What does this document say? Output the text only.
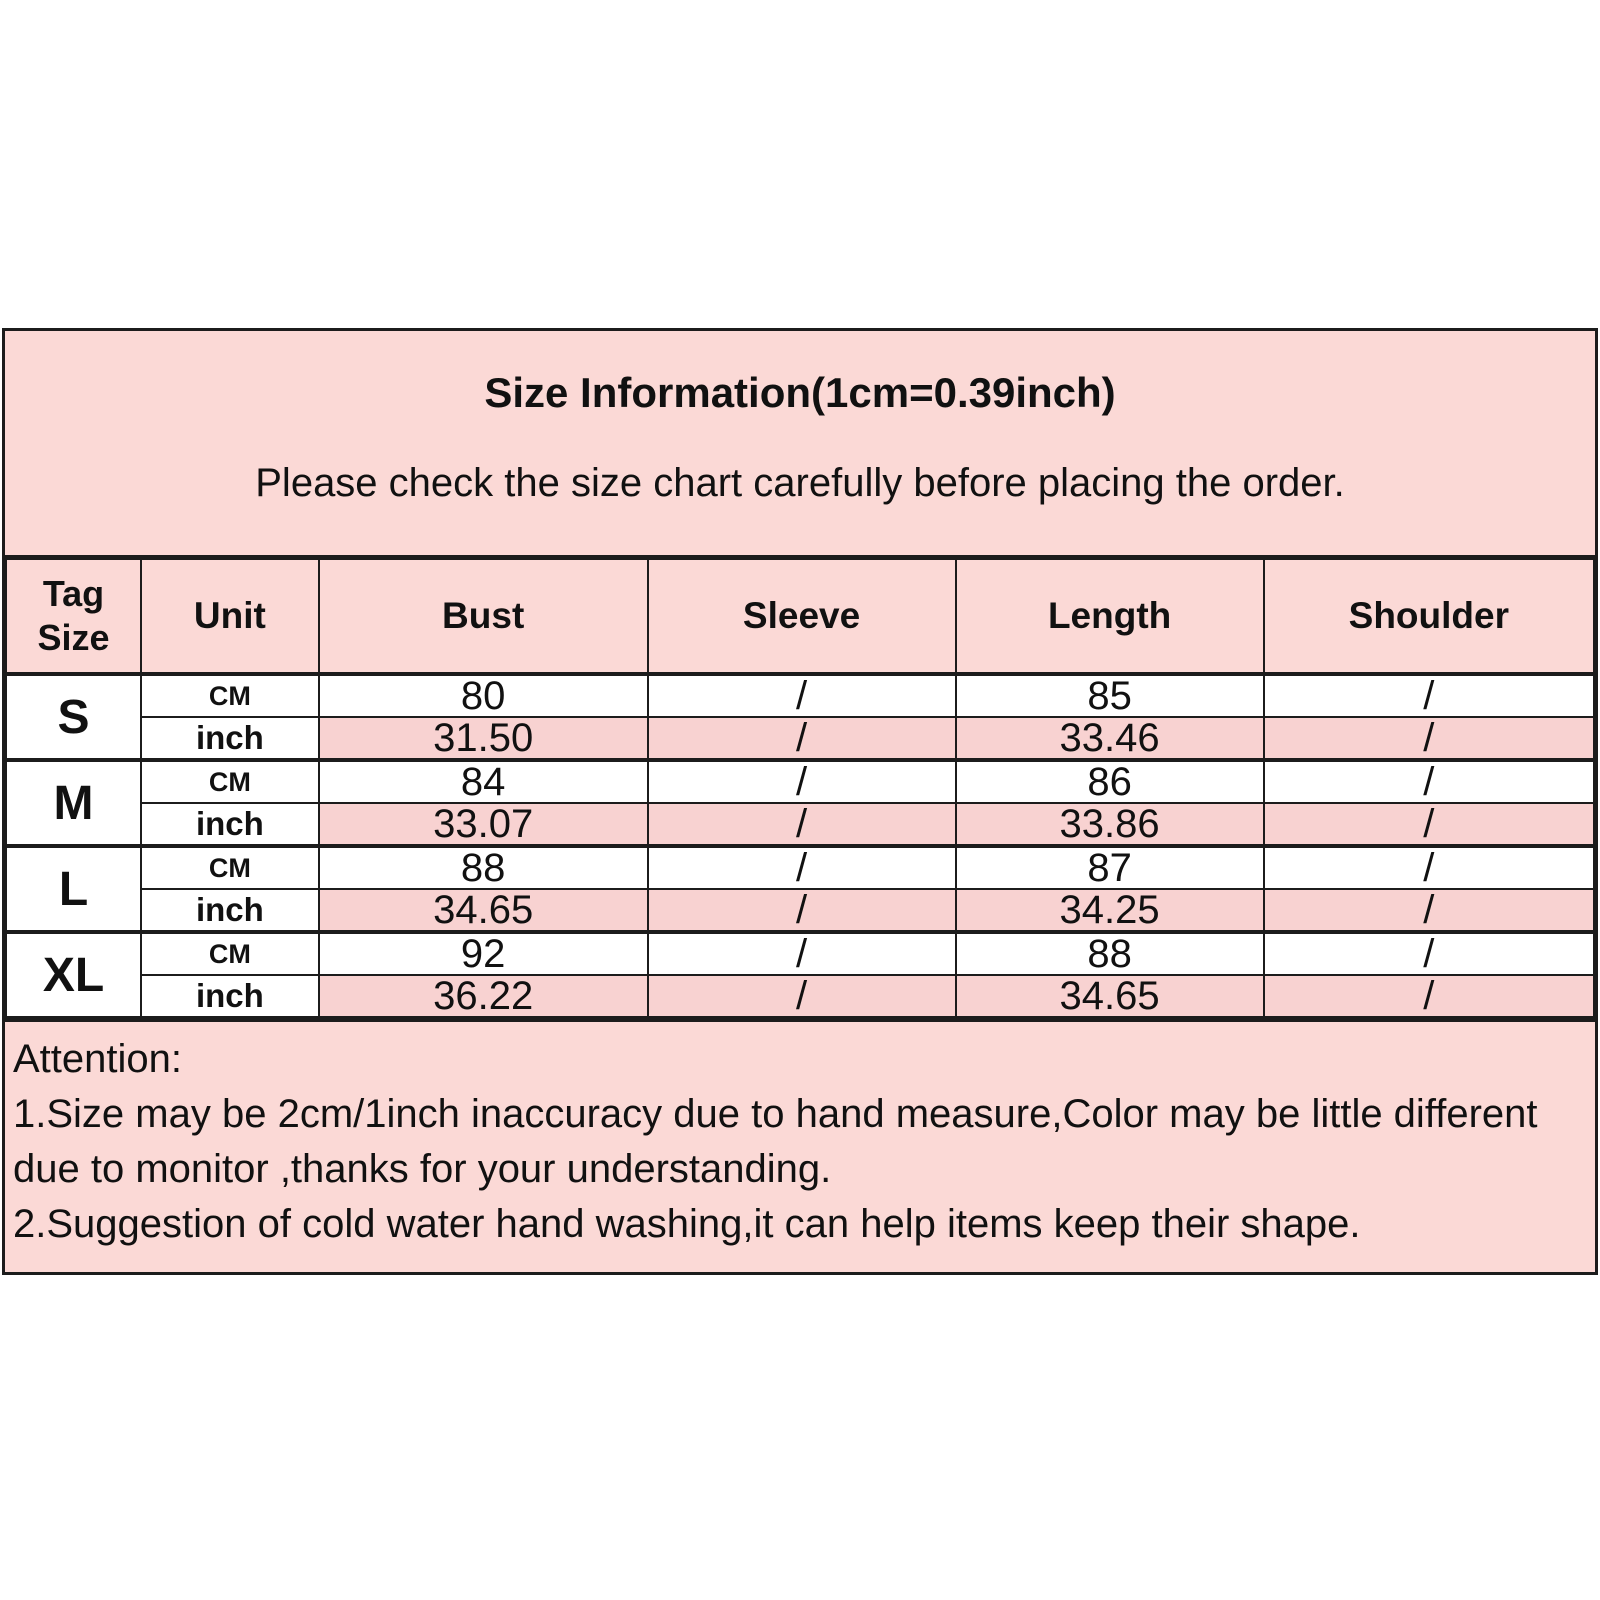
Size Information(1cm=0.39inch)
Please check the size chart carefully before placing the order.
Tag Size	Unit	Bust	Sleeve	Length	Shoulder
S	CM	80	/	85	/
	inch	31.50	/	33.46	/
M	CM	84	/	86	/
	inch	33.07	/	33.86	/
L	CM	88	/	87	/
	inch	34.65	/	34.25	/
XL	CM	92	/	88	/
	inch	36.22	/	34.65	/

Attention:

1.Size may be 2cm/1inch inaccuracy due to hand measure,Color may be little different due to monitor ,thanks for your understanding.

2.Suggestion of cold water hand washing,it can help items keep their shape.
